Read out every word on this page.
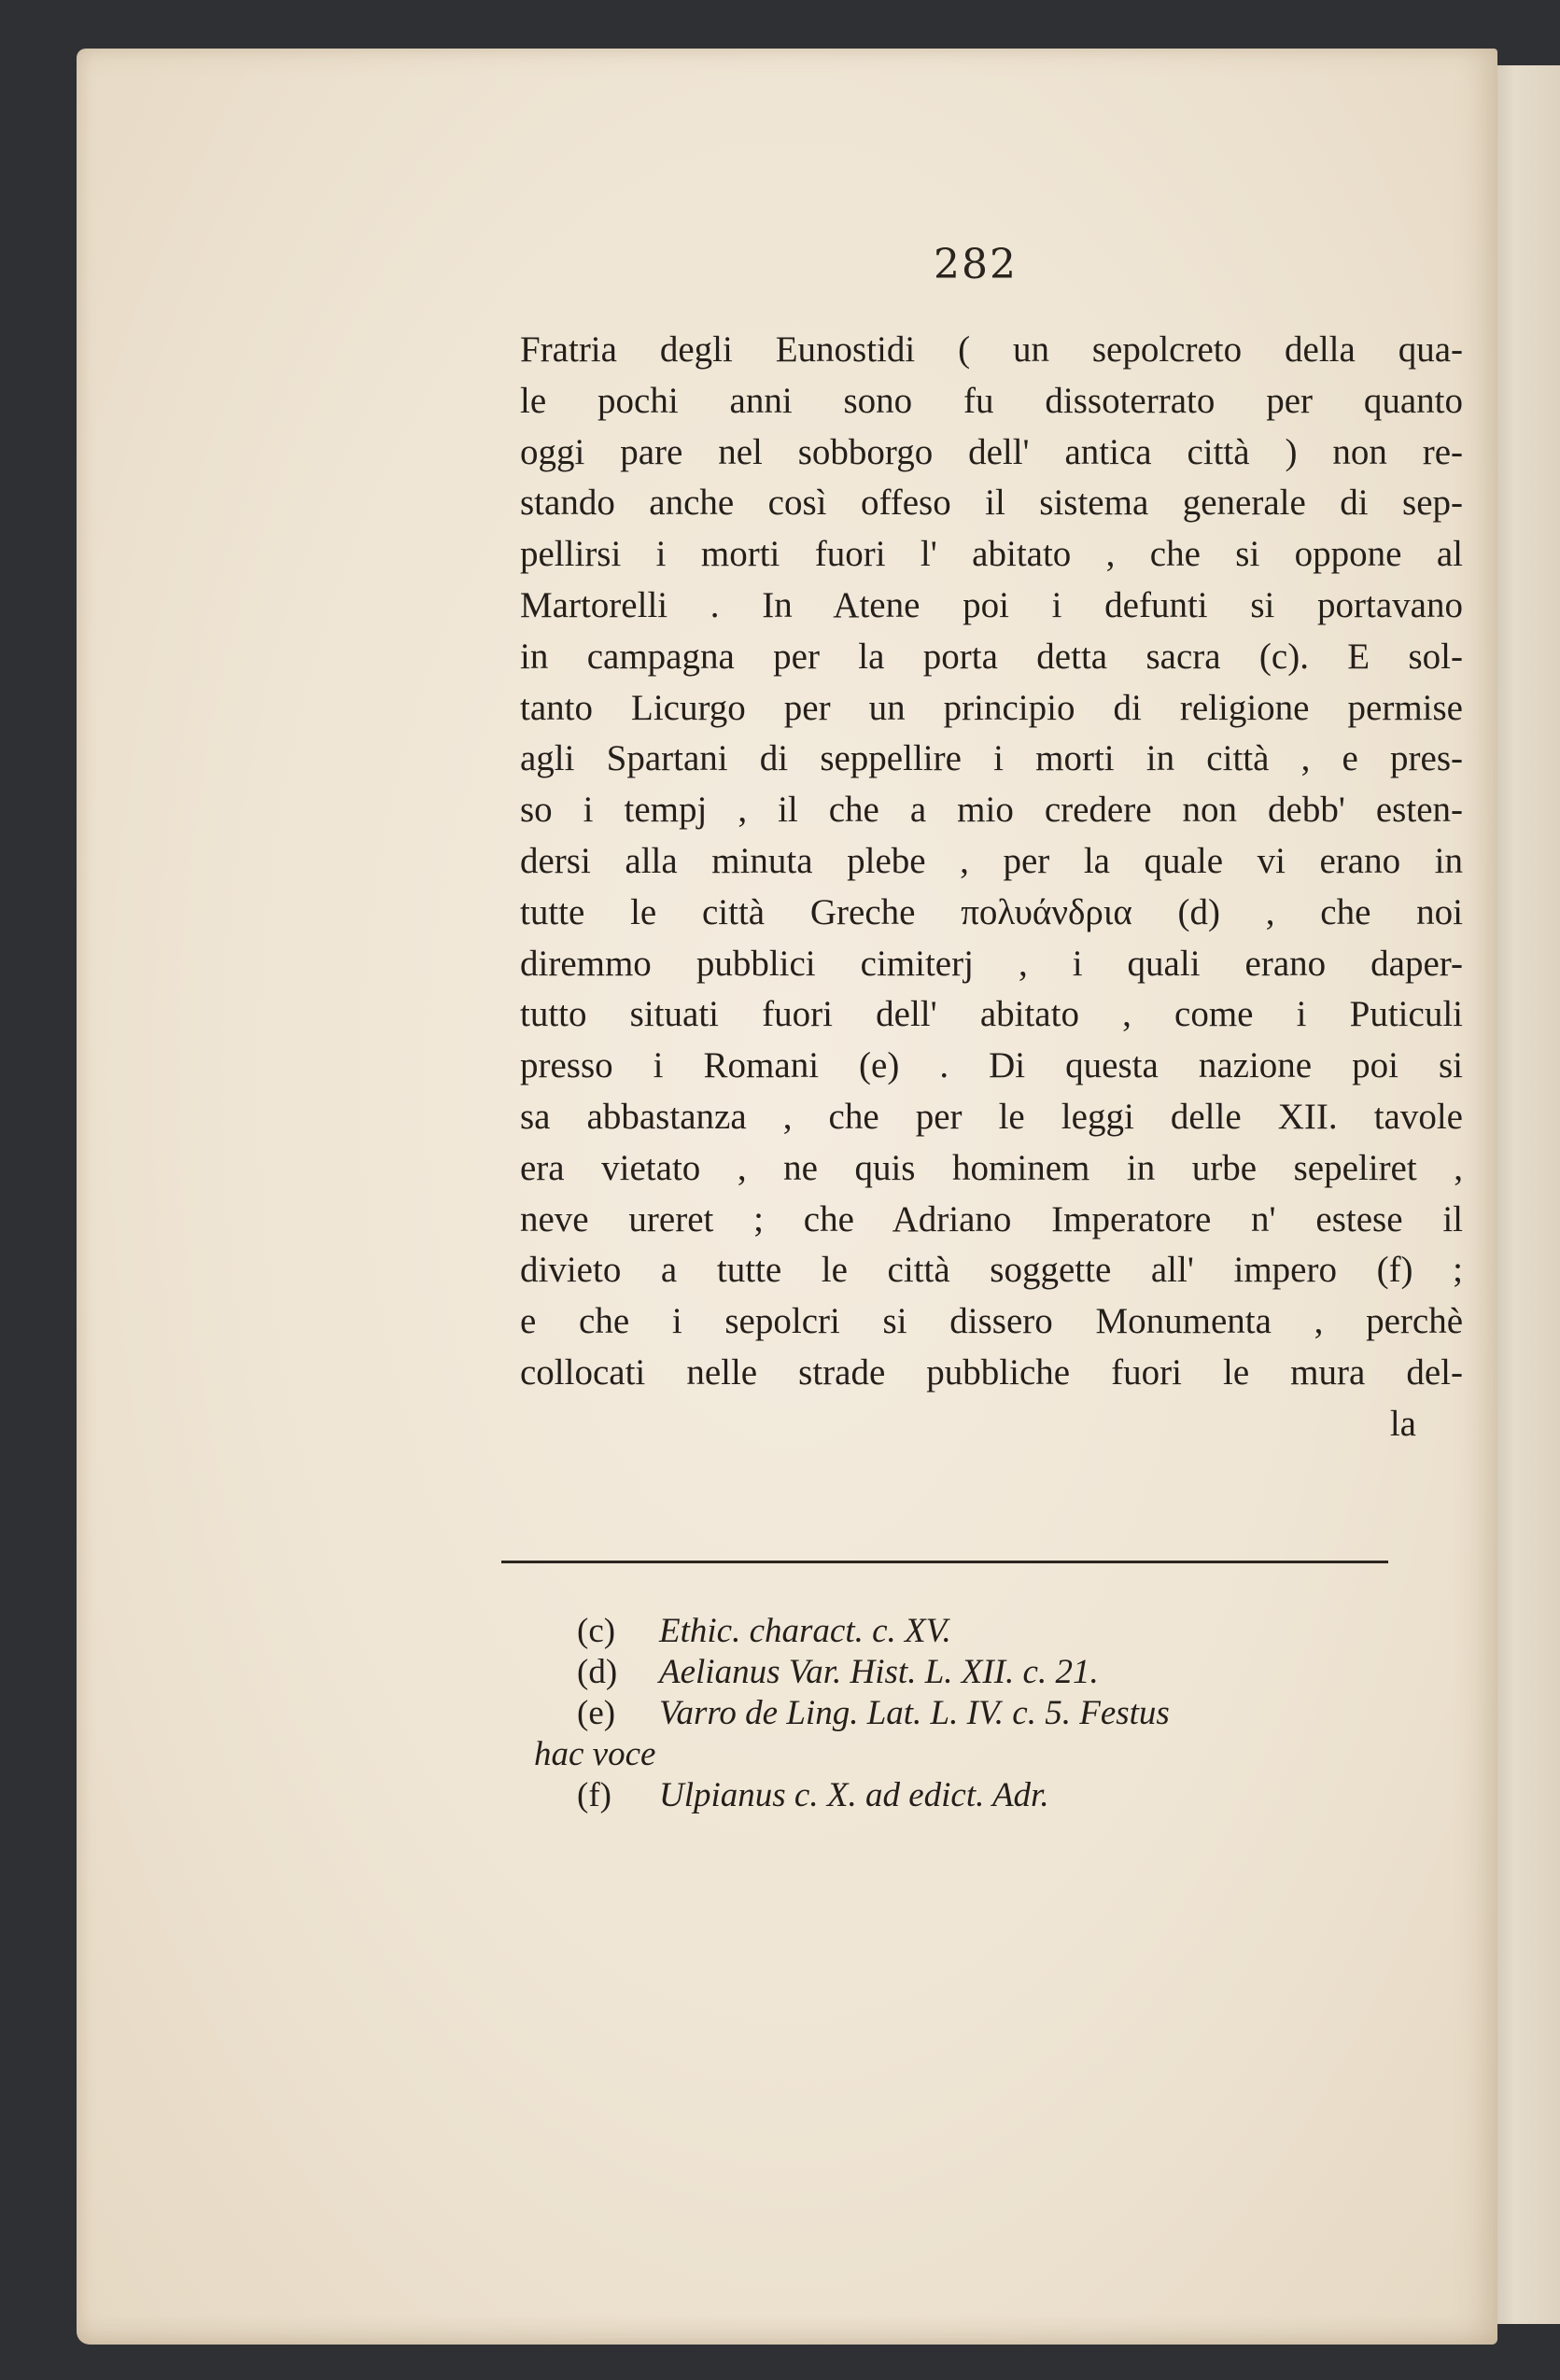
282
Fratria degli Eunostidi ( un sepolcreto della qua-
le pochi anni sono fu dissoterrato per quanto
oggi pare nel sobborgo dell' antica città ) non re-
stando anche così offeso il sistema generale di sep-
pellirsi i morti fuori l' abitato , che si oppone al
Martorelli . In Atene poi i defunti si portavano
in campagna per la porta detta sacra (c). E sol-
tanto Licurgo per un principio di religione permise
agli Spartani di seppellire i morti in città , e pres-
so i tempj , il che a mio credere non debb' esten-
dersi alla minuta plebe , per la quale vi erano in
tutte le città Greche πολυάνδρια (d) , che noi
diremmo pubblici cimiterj , i quali erano daper-
tutto situati fuori dell' abitato , come i Puticuli
presso i Romani (e) . Di questa nazione poi si
sa abbastanza , che per le leggi delle XII. tavole
era vietato , ne quis hominem in urbe sepeliret ,
neve ureret ; che Adriano Imperatore n' estese il
divieto a tutte le città soggette all' impero (f) ;
e che i sepolcri si dissero Monumenta , perchè
collocati nelle strade pubbliche fuori le mura del-
la
(c) Ethic. charact. c. XV.
(d) Aelianus Var. Hist. L. XII. c. 21.
(e) Varro de Ling. Lat. L. IV. c. 5. Festus
hac voce
(f) Ulpianus c. X. ad edict. Adr.
